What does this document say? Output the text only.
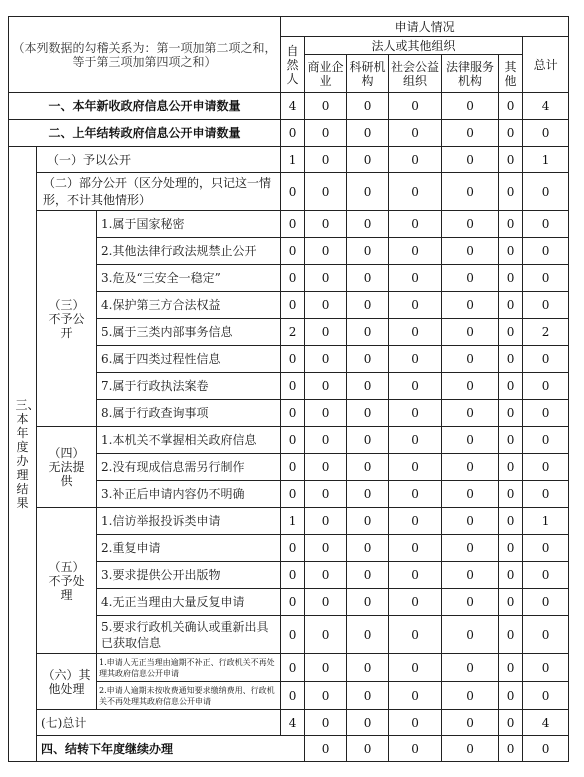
（本列数据的勾稽关系为：第一项加第二项之和，等于第三项加第四项之和）			申请人情况							
			自然人	法人或其他组织					总计	
				商业企业	科研机构	社会公益组织	法律服务机构	其他		
一、本年新收政府信息公开申请数量			4	0	0	0	0	0	4	
二、上年结转政府信息公开申请数量			0	0	0	0	0	0	0	

三、本年度办理结果	（一）予以公开		1	0	0	0	0	0	1	
	（二）部分公开（区分处理的，只记这一情形，不计其他情形）		0	0	0	0	0	0	0	

	（三）不予公开	1.属于国家秘密	0	0	0	0	0	0	0	
		2.其他法律行政法规禁止公开	0	0	0	0	0	0	0	
		3.危及“三安全一稳定”	0	0	0	0	0	0	0	
		4.保护第三方合法权益	0	0	0	0	0	0	0	
		5.属于三类内部事务信息	2	0	0	0	0	0	2	
		6.属于四类过程性信息	0	0	0	0	0	0	0	
		7.属于行政执法案卷	0	0	0	0	0	0	0	
		8.属于行政查询事项	0	0	0	0	0	0	0	

	（四）无法提供	1.本机关不掌握相关政府信息	0	0	0	0	0	0	0	
		2.没有现成信息需另行制作	0	0	0	0	0	0	0	
		3.补正后申请内容仍不明确	0	0	0	0	0	0	0	

	（五）不予处理	1.信访举报投诉类申请	1	0	0	0	0	0	1	
		2.重复申请	0	0	0	0	0	0	0	
		3.要求提供公开出版物	0	0	0	0	0	0	0	
		4.无正当理由大量反复申请	0	0	0	0	0	0	0	
		5.要求行政机关确认或重新出具已获取信息	0	0	0	0	0	0	0	

	（六）其他处理	1.申请人无正当理由逾期不补正、行政机关不再处理其政府信息公开申请	0	0	0	0	0	0	0	
		2.申请人逾期未按收费通知要求缴纳费用、行政机关不再处理其政府信息公开申请	0	0	0	0	0	0	0	
	(七)总计		4	0	0	0	0	0	4	
	四、结转下年度继续办理			0	0	0	0	0	0	
